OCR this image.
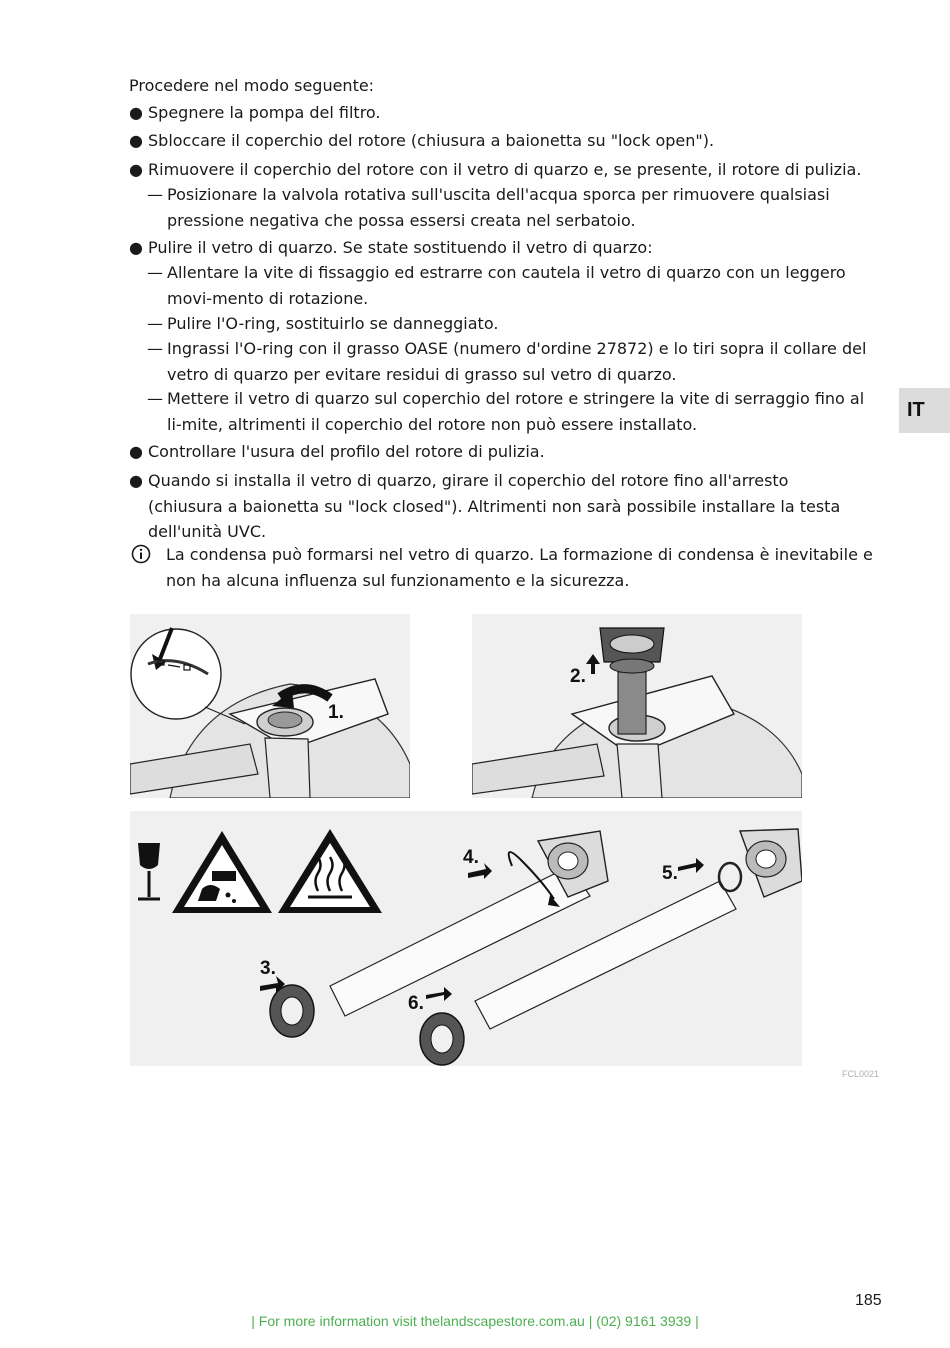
Procedere nel modo seguente:
● Spegnere la pompa del filtro.
● Sbloccare il coperchio del rotore (chiusura a baionetta su "lock open").
● Rimuovere il coperchio del rotore con il vetro di quarzo e, se presente, il rotore di pulizia.
— Posizionare la valvola rotativa sull'uscita dell'acqua sporca per rimuovere qualsiasi pressione negativa che possa essersi creata nel serbatoio.
● Pulire il vetro di quarzo. Se state sostituendo il vetro di quarzo:
— Allentare la vite di fissaggio ed estrarre con cautela il vetro di quarzo con un leggero movi-mento di rotazione.
— Pulire l'O-ring, sostituirlo se danneggiato.
— Ingrassi l'O-ring con il grasso OASE (numero d'ordine 27872) e lo tiri sopra il collare del vetro di quarzo per evitare residui di grasso sul vetro di quarzo.
— Mettere il vetro di quarzo sul coperchio del rotore e stringere la vite di serraggio fino al li-mite, altrimenti il coperchio del rotore non può essere installato.
● Controllare l'usura del profilo del rotore di pulizia.
● Quando si installa il vetro di quarzo, girare il coperchio del rotore fino all'arresto (chiusura a baionetta su "lock closed"). Altrimenti non sarà possibile installare la testa dell'unità UVC.
IT
La condensa può formarsi nel vetro di quarzo. La formazione di condensa è inevitabile e non ha alcuna influenza sul funzionamento e la sicurezza.
1.
2.
3.
4.
5.
6.
FCL0021
185
| For more information visit thelandscapestore.com.au | (02) 9161 3939 |
